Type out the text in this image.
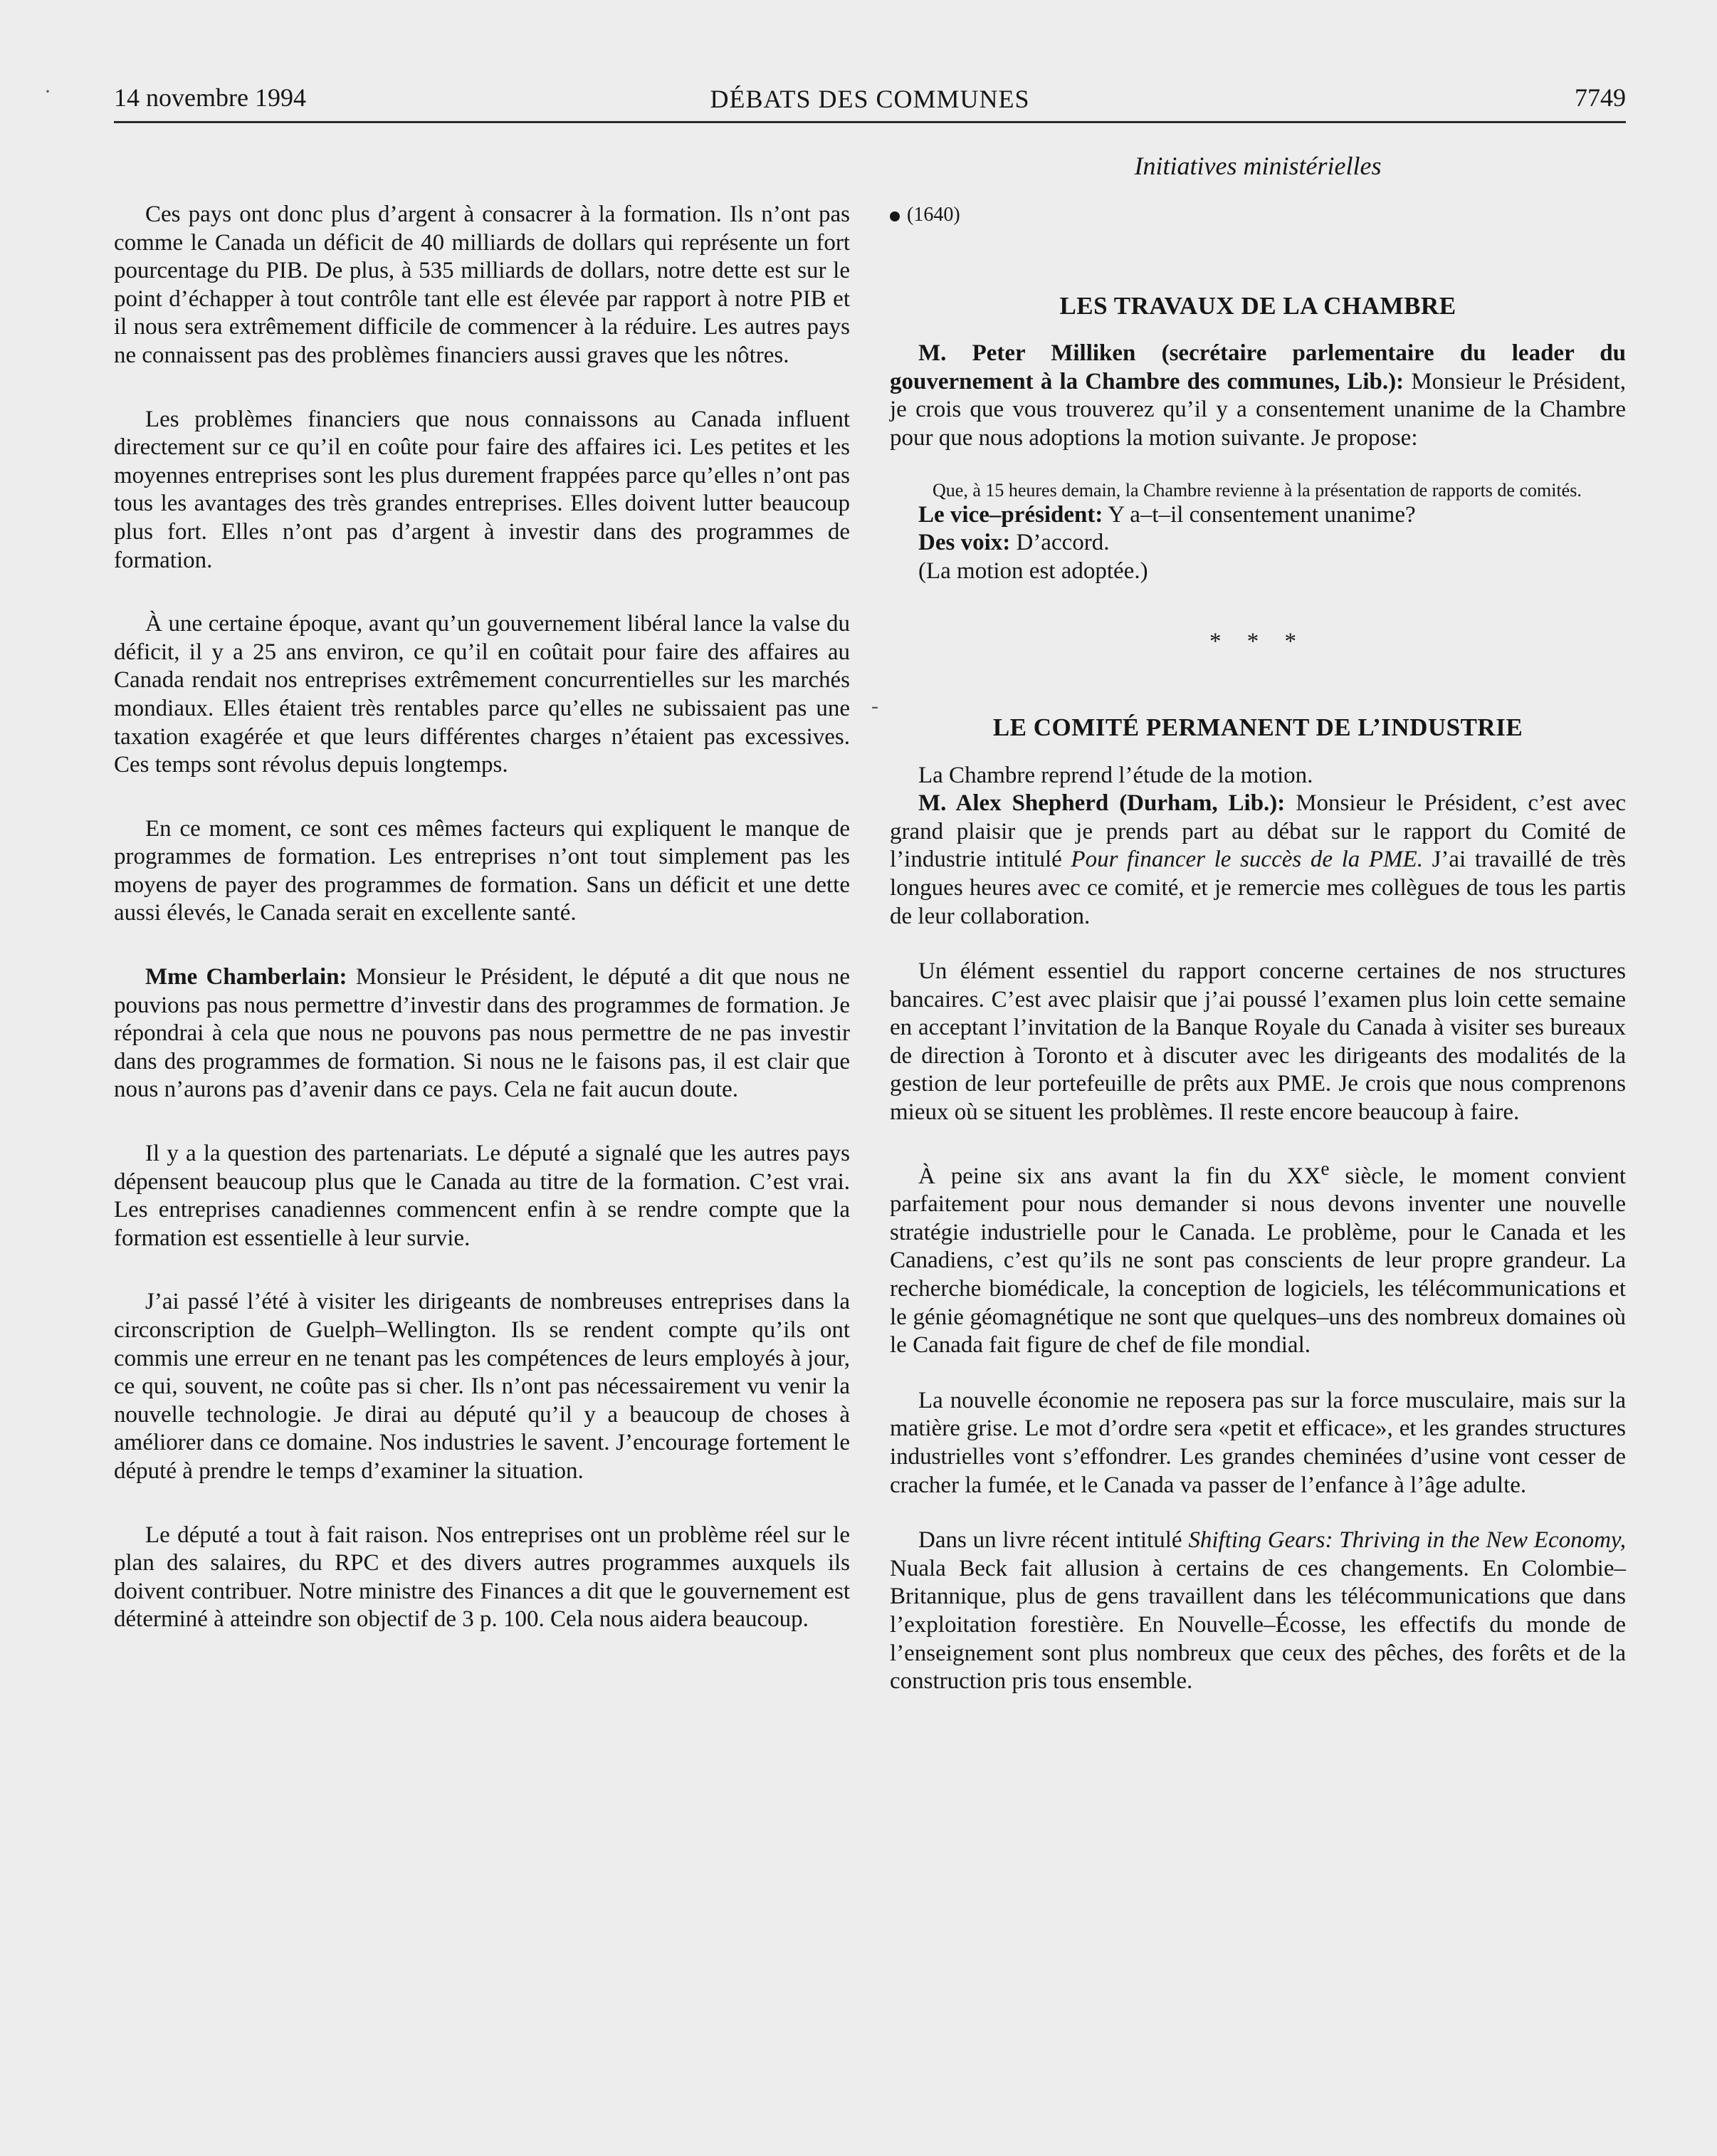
14 novembre 1994	DÉBATS DES COMMUNES	7749
Initiatives ministérielles

Ces pays ont donc plus d’argent à consacrer à la formation. Ils n’ont pas comme le Canada un déficit de 40 milliards de dollars qui représente un fort pourcentage du PIB. De plus, à 535 milliards de dollars, notre dette est sur le point d’échapper à tout contrôle tant elle est élevée par rapport à notre PIB et il nous sera extrêmement difficile de commencer à la réduire. Les autres pays ne connaissent pas des problèmes financiers aussi graves que les nôtres.

Les problèmes financiers que nous connaissons au Canada influent directement sur ce qu’il en coûte pour faire des affaires ici. Les petites et les moyennes entreprises sont les plus durement frappées parce qu’elles n’ont pas tous les avantages des très grandes entreprises. Elles doivent lutter beaucoup plus fort. Elles n’ont pas d’argent à investir dans des programmes de formation.

À une certaine époque, avant qu’un gouvernement libéral lance la valse du déficit, il y a 25 ans environ, ce qu’il en coûtait pour faire des affaires au Canada rendait nos entreprises extrêmement concurrentielles sur les marchés mondiaux. Elles étaient très rentables parce qu’elles ne subissaient pas une taxation exagérée et que leurs différentes charges n’étaient pas excessives. Ces temps sont révolus depuis longtemps.

En ce moment, ce sont ces mêmes facteurs qui expliquent le manque de programmes de formation. Les entreprises n’ont tout simplement pas les moyens de payer des programmes de formation. Sans un déficit et une dette aussi élevés, le Canada serait en excellente santé.

Mme Chamberlain: Monsieur le Président, le député a dit que nous ne pouvions pas nous permettre d’investir dans des programmes de formation. Je répondrai à cela que nous ne pouvons pas nous permettre de ne pas investir dans des programmes de formation. Si nous ne le faisons pas, il est clair que nous n’aurons pas d’avenir dans ce pays. Cela ne fait aucun doute.

Il y a la question des partenariats. Le député a signalé que les autres pays dépensent beaucoup plus que le Canada au titre de la formation. C’est vrai. Les entreprises canadiennes commencent enfin à se rendre compte que la formation est essentielle à leur survie.

J’ai passé l’été à visiter les dirigeants de nombreuses entreprises dans la circonscription de Guelph–Wellington. Ils se rendent compte qu’ils ont commis une erreur en ne tenant pas les compétences de leurs employés à jour, ce qui, souvent, ne coûte pas si cher. Ils n’ont pas nécessairement vu venir la nouvelle technologie. Je dirai au député qu’il y a beaucoup de choses à améliorer dans ce domaine. Nos industries le savent. J’encourage fortement le député à prendre le temps d’examiner la situation.

Le député a tout à fait raison. Nos entreprises ont un problème réel sur le plan des salaires, du RPC et des divers autres programmes auxquels ils doivent contribuer. Notre ministre des Finances a dit que le gouvernement est déterminé à atteindre son objectif de 3 p. 100. Cela nous aidera beaucoup.

(1640)
LES TRAVAUX DE LA CHAMBRE

M. Peter Milliken (secrétaire parlementaire du leader du gouvernement à la Chambre des communes, Lib.): Monsieur le Président, je crois que vous trouverez qu’il y a consentement unanime de la Chambre pour que nous adoptions la motion suivante. Je propose:

Que, à 15 heures demain, la Chambre revienne à la présentation de rapports de comités.

Le vice–président: Y a–t–il consentement unanime?

Des voix: D’accord.

(La motion est adoptée.)

* * *
LE COMITÉ PERMANENT DE L’INDUSTRIE

La Chambre reprend l’étude de la motion.

M. Alex Shepherd (Durham, Lib.): Monsieur le Président, c’est avec grand plaisir que je prends part au débat sur le rapport du Comité de l’industrie intitulé Pour financer le succès de la PME. J’ai travaillé de très longues heures avec ce comité, et je remercie mes collègues de tous les partis de leur collaboration.

Un élément essentiel du rapport concerne certaines de nos structures bancaires. C’est avec plaisir que j’ai poussé l’examen plus loin cette semaine en acceptant l’invitation de la Banque Royale du Canada à visiter ses bureaux de direction à Toronto et à discuter avec les dirigeants des modalités de la gestion de leur portefeuille de prêts aux PME. Je crois que nous comprenons mieux où se situent les problèmes. Il reste encore beaucoup à faire.

À peine six ans avant la fin du XXe siècle, le moment convient parfaitement pour nous demander si nous devons inventer une nouvelle stratégie industrielle pour le Canada. Le problème, pour le Canada et les Canadiens, c’est qu’ils ne sont pas conscients de leur propre grandeur. La recherche biomédicale, la conception de logiciels, les télécommunications et le génie géomagnétique ne sont que quelques–uns des nombreux domaines où le Canada fait figure de chef de file mondial.

La nouvelle économie ne reposera pas sur la force musculaire, mais sur la matière grise. Le mot d’ordre sera «petit et efficace», et les grandes structures industrielles vont s’effondrer. Les grandes cheminées d’usine vont cesser de cracher la fumée, et le Canada va passer de l’enfance à l’âge adulte.

Dans un livre récent intitulé Shifting Gears: Thriving in the New Economy, Nuala Beck fait allusion à certains de ces changements. En Colombie–Britannique, plus de gens travaillent dans les télécommunications que dans l’exploitation forestière. En Nouvelle–Écosse, les effectifs du monde de l’enseignement sont plus nombreux que ceux des pêches, des forêts et de la construction pris tous ensemble.

·
-
